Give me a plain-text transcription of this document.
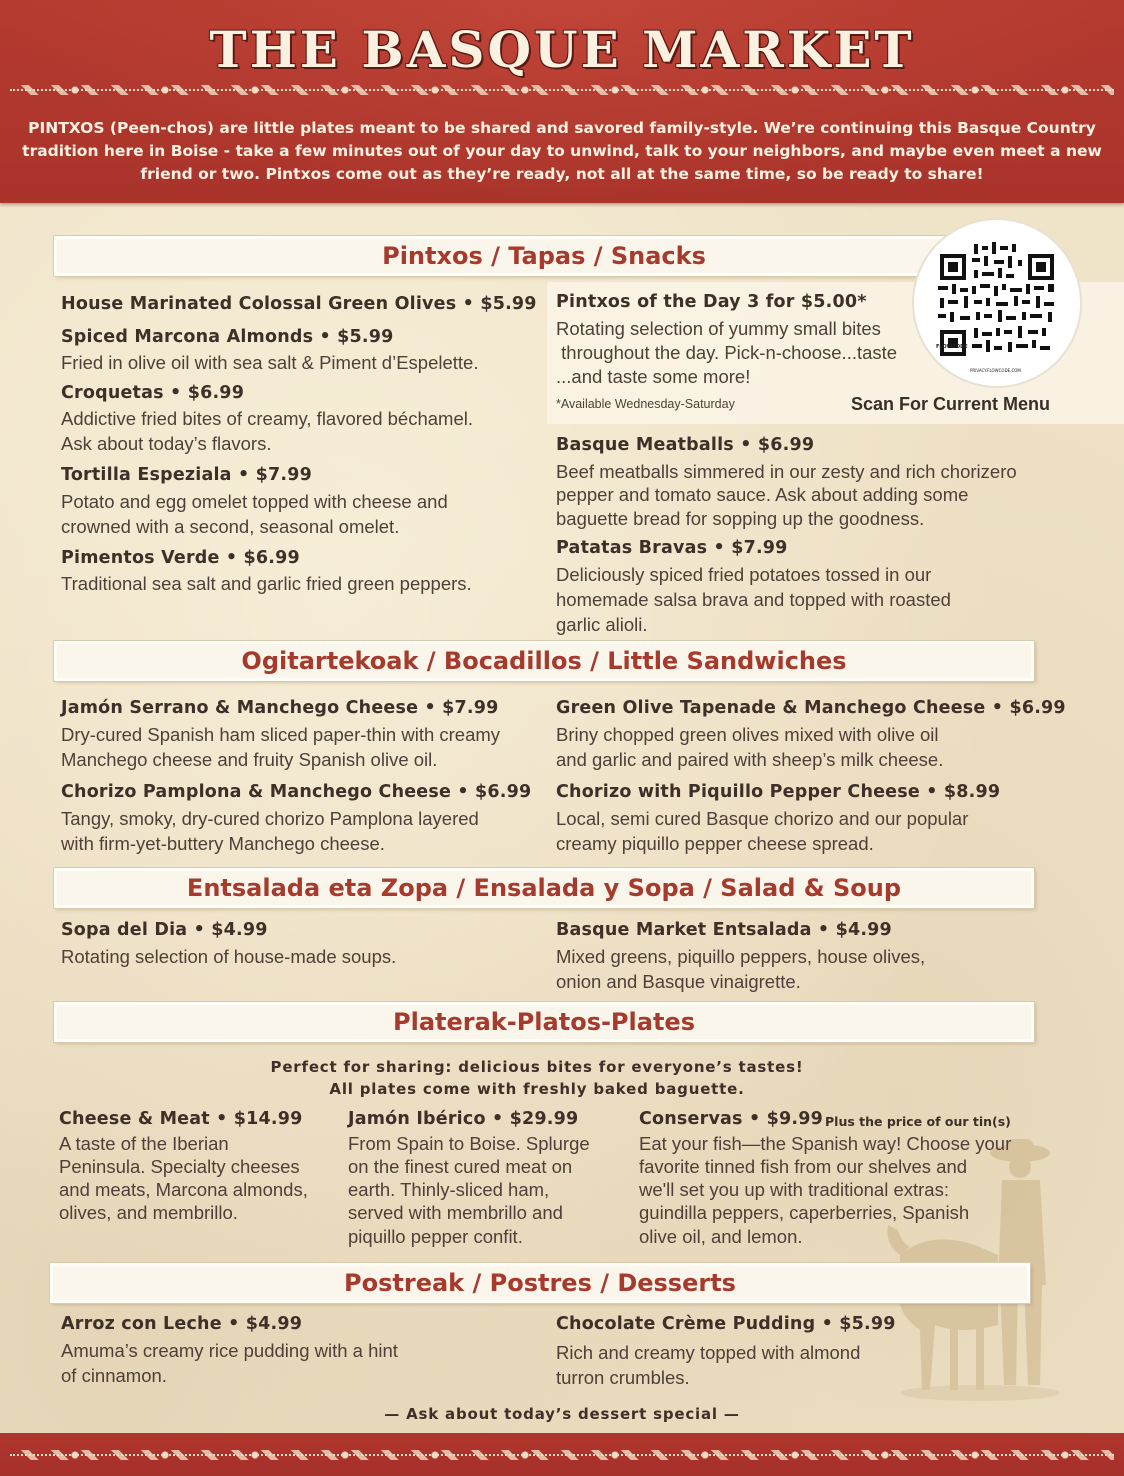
THE BASQUE MARKET
PINTXOS (Peen-chos) are little plates meant to be shared and savored family-style. We’re continuing this Basque Country tradition here in Boise - take a few minutes out of your day to unwind, talk to your neighbors, and maybe even meet a new friend or two. Pintxos come out as they’re ready, not all at the same time, so be ready to share!
Pintxos / Tapas / Snacks
House Marinated Colossal Green Olives • $5.99
Spiced Marcona Almonds • $5.99
Fried in olive oil with sea salt & Piment d’Espelette.
Croquetas • $6.99
Addictive fried bites of creamy, flavored béchamel.
Ask about today’s flavors.
Tortilla Espeziala • $7.99
Potato and egg omelet topped with cheese and
crowned with a second, seasonal omelet.
Pimentos Verde • $6.99
Traditional sea salt and garlic fried green peppers.
Pintxos of the Day 3 for $5.00*
Rotating selection of yummy small bites
throughout the day. Pick-n-choose...taste
...and taste some more!
*Available Wednesday-Saturday
FLOWCODE
PRIVACY.FLOWCODE.COM
Scan For Current Menu
Basque Meatballs • $6.99
Beef meatballs simmered in our zesty and rich chorizero
pepper and tomato sauce. Ask about adding some
baguette bread for sopping up the goodness.
Patatas Bravas • $7.99
Deliciously spiced fried potatoes tossed in our
homemade salsa brava and topped with roasted
garlic alioli.
Ogitartekoak / Bocadillos / Little Sandwiches
Jamón Serrano & Manchego Cheese • $7.99
Dry-cured Spanish ham sliced paper-thin with creamy
Manchego cheese and fruity Spanish olive oil.
Green Olive Tapenade & Manchego Cheese • $6.99
Briny chopped green olives mixed with olive oil
and garlic and paired with sheep’s milk cheese.
Chorizo Pamplona & Manchego Cheese • $6.99
Tangy, smoky, dry-cured chorizo Pamplona layered
with firm-yet-buttery Manchego cheese.
Chorizo with Piquillo Pepper Cheese • $8.99
Local, semi cured Basque chorizo and our popular
creamy piquillo pepper cheese spread.
Entsalada eta Zopa / Ensalada y Sopa / Salad & Soup
Sopa del Dia • $4.99
Rotating selection of house-made soups.
Basque Market Entsalada • $4.99
Mixed greens, piquillo peppers, house olives,
onion and Basque vinaigrette.
Platerak-Platos-Plates
Perfect for sharing: delicious bites for everyone’s tastes!
All plates come with freshly baked baguette.
Cheese & Meat • $14.99
A taste of the Iberian
Peninsula. Specialty cheeses
and meats, Marcona almonds,
olives, and membrillo.
Jamón Ibérico • $29.99
From Spain to Boise. Splurge
on the finest cured meat on
earth. Thinly-sliced ham,
served with membrillo and
piquillo pepper confit.
Conservas • $9.99 Plus the price of our tin(s)
Eat your fish—the Spanish way! Choose your
favorite tinned fish from our shelves and
we'll set you up with traditional extras:
guindilla peppers, caperberries, Spanish
olive oil, and lemon.
Postreak / Postres / Desserts
Arroz con Leche • $4.99
Amuma’s creamy rice pudding with a hint
of cinnamon.
Chocolate Crème Pudding • $5.99
Rich and creamy topped with almond
turron crumbles.
— Ask about today’s dessert special —
